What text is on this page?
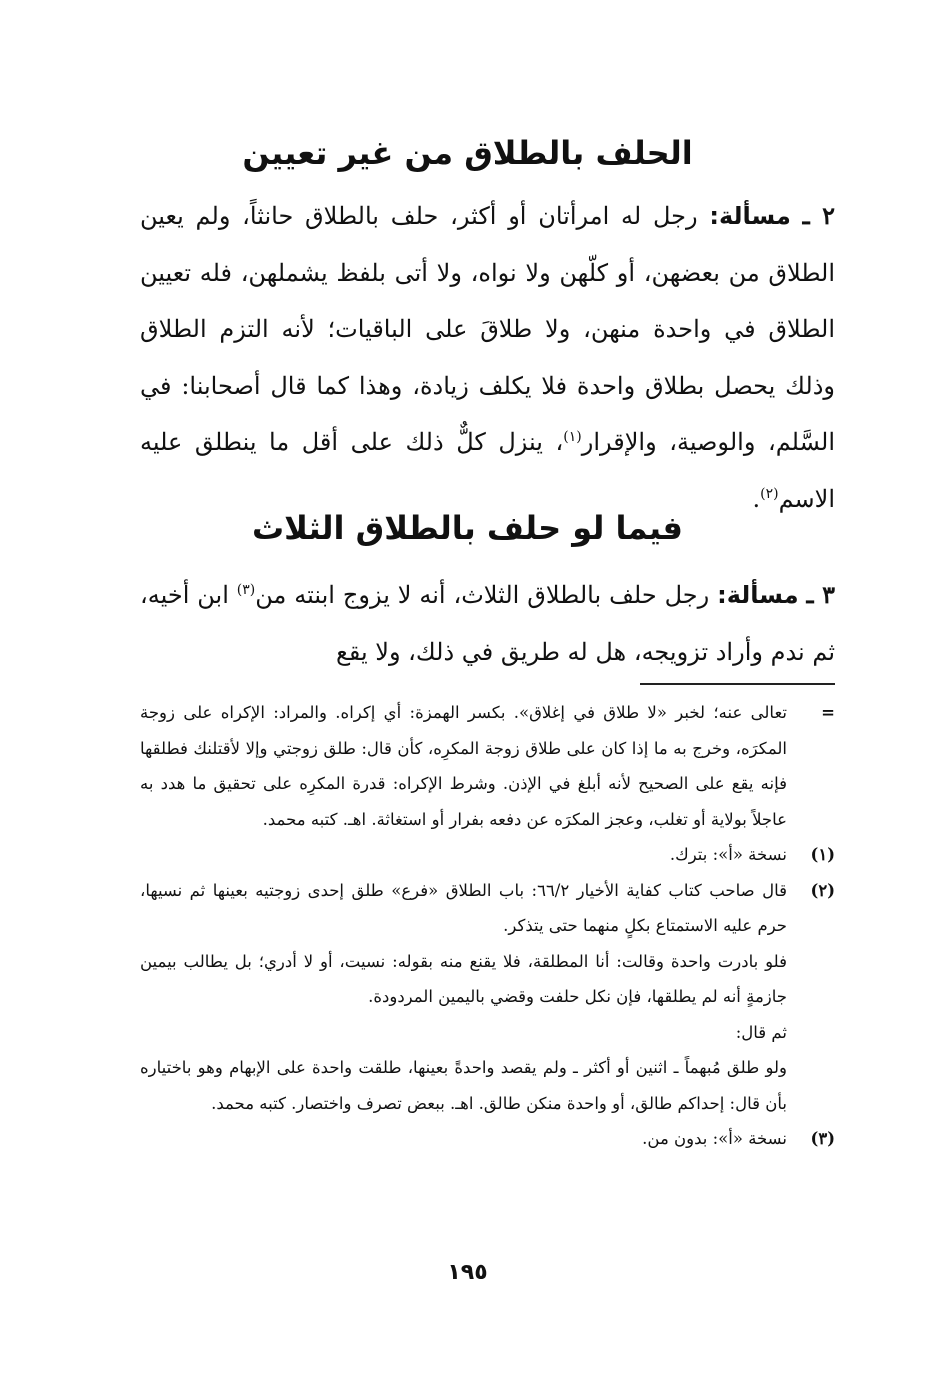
الحلف بالطلاق من غير تعيين
٢ ـ مسألة: رجل له امرأتان أو أكثر، حلف بالطلاق حانثاً، ولم يعين الطلاق من بعضهن، أو كلّهن ولا نواه، ولا أتى بلفظ يشملهن، فله تعيين الطلاق في واحدة منهن، ولا طلاقَ على الباقيات؛ لأنه التزم الطلاق وذلك يحصل بطلاق واحدة فلا يكلف زيادة، وهذا كما قال أصحابنا: في السَّلم، والوصية، والإقرار$^{(١)}$، ينزل كلٌّ ذلك على أقل ما ينطلق عليه الاسم$^{(٢)}$.
فيما لو حلف بالطلاق الثلاث
٣ ـ مسألة: رجل حلف بالطلاق الثلاث، أنه لا يزوج ابنته من$^{(٣)}$ ابن أخيه، ثم ندم وأراد تزويجه، هل له طريق في ذلك، ولا يقع
=
تعالى عنه؛ لخبر «لا طلاق في إغلاق». بكسر الهمزة: أي إكراه. والمراد: الإكراه على زوجة المكرَه، وخرج به ما إذا كان على طلاق زوجة المكرِه، كأن قال: طلق زوجتي وإلا لأقتلنك فطلقها فإنه يقع على الصحيح لأنه أبلغ في الإذن. وشرط الإكراه: قدرة المكرِه على تحقيق ما هدد به عاجلاً بولاية أو تغلب، وعجز المكرَه عن دفعه بفرار أو استغاثة. اهـ. كتبه محمد.
(١)
نسخة «أ»: بترك.
(٢)
قال صاحب كتاب كفاية الأخيار ٦٦/٢: باب الطلاق «فرع» طلق إحدى زوجتيه بعينها ثم نسيها، حرم عليه الاستمتاع بكلٍ منهما حتى يتذكر.
فلو بادرت واحدة وقالت: أنا المطلقة، فلا يقنع منه بقوله: نسيت، أو لا أدري؛ بل يطالب بيمين جازمةٍ أنه لم يطلقها، فإن نكل حلفت وقضي باليمين المردودة.
ثم قال:
ولو طلق مُبهماً ـ اثنين أو أكثر ـ ولم يقصد واحدةً بعينها، طلقت واحدة على الإبهام وهو باختياره بأن قال: إحداكم طالق، أو واحدة منكن طالق. اهـ. ببعض تصرف واختصار. كتبه محمد.
(٣)
نسخة «أ»: بدون من.
١٩٥
